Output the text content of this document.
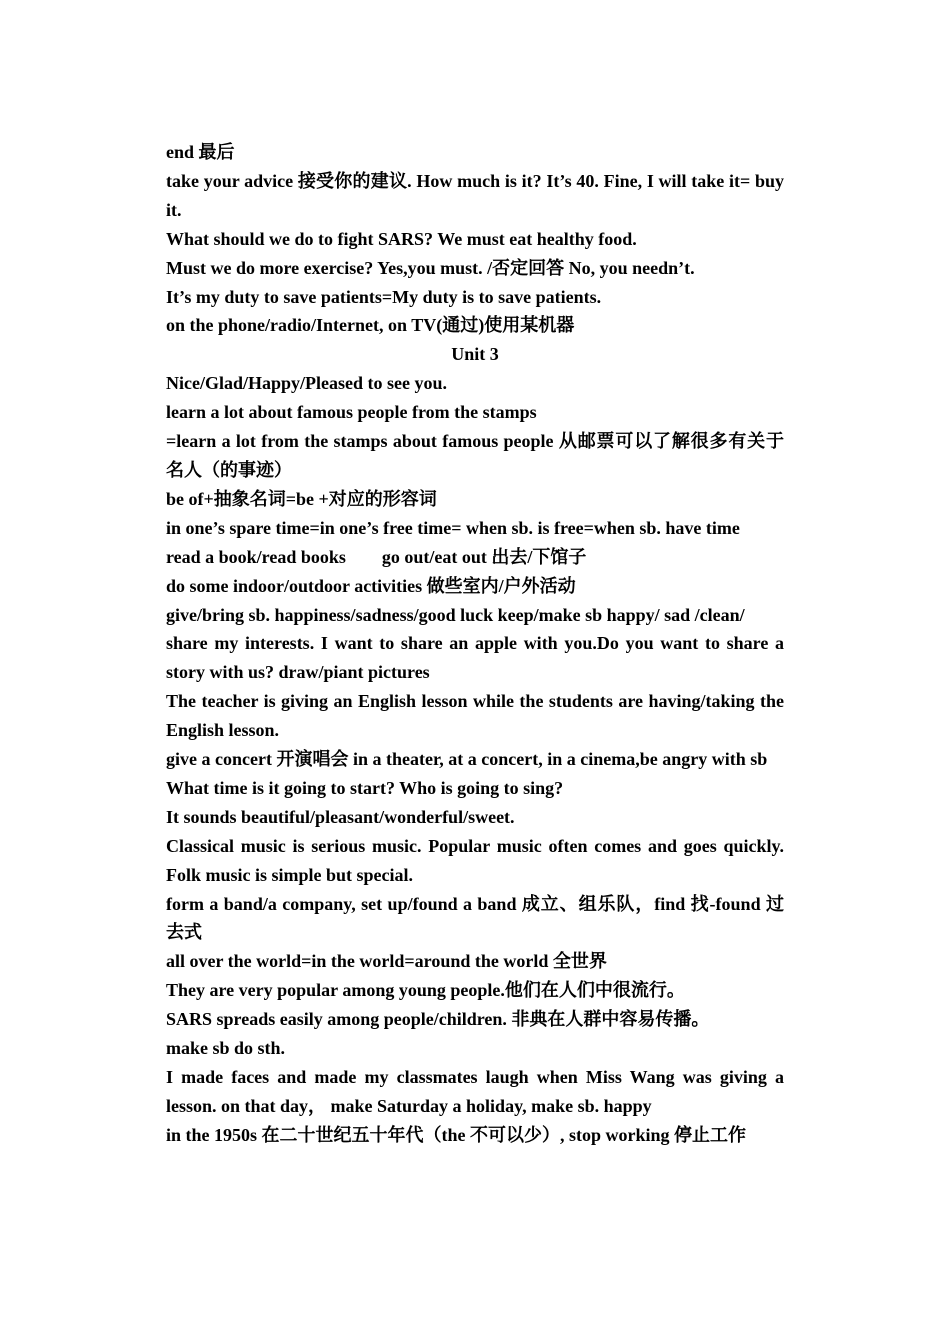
end 最后

take your advice 接受你的建议. How much is it? It’s 40. Fine, I will take it= buy it.

What should we do to fight SARS? We must eat healthy food.

Must we do more exercise? Yes,you must. /否定回答 No, you needn’t.

It’s my duty to save patients=My duty is to save patients.

on the phone/radio/Internet, on TV(通过)使用某机器

Unit 3

Nice/Glad/Happy/Pleased to see you.

learn a lot about famous people from the stamps

=learn a lot from the stamps about famous people 从邮票可以了解很多有关于名人（的事迹）

be of+抽象名词=be +对应的形容词

in one’s spare time=in one’s free time= when sb. is free=when sb. have time

read a book/read books        go out/eat out 出去/下馆子

do some indoor/outdoor activities 做些室内/户外活动

give/bring sb. happiness/sadness/good luck keep/make sb happy/ sad /clean/

share my interests. I want to share an apple with you.Do you want to share a story with us? draw/piant pictures

The teacher is giving an English lesson while the students are having/taking the English lesson.

give a concert 开演唱会 in a theater, at a concert, in a cinema,be angry with sb

What time is it going to start? Who is going to sing?

It sounds beautiful/pleasant/wonderful/sweet.

Classical music is serious music. Popular music often comes and goes quickly. Folk music is simple but special.

form a band/a company, set up/found a band 成立、组乐队，find 找-found 过去式

all over the world=in the world=around the world 全世界

They are very popular among young people.他们在人们中很流行。

SARS spreads easily among people/children. 非典在人群中容易传播。

make sb do sth.

I made faces and made my classmates laugh when Miss Wang was giving a lesson. on that day， make Saturday a holiday, make sb. happy

in the 1950s 在二十世纪五十年代（the 不可以少）, stop working 停止工作
